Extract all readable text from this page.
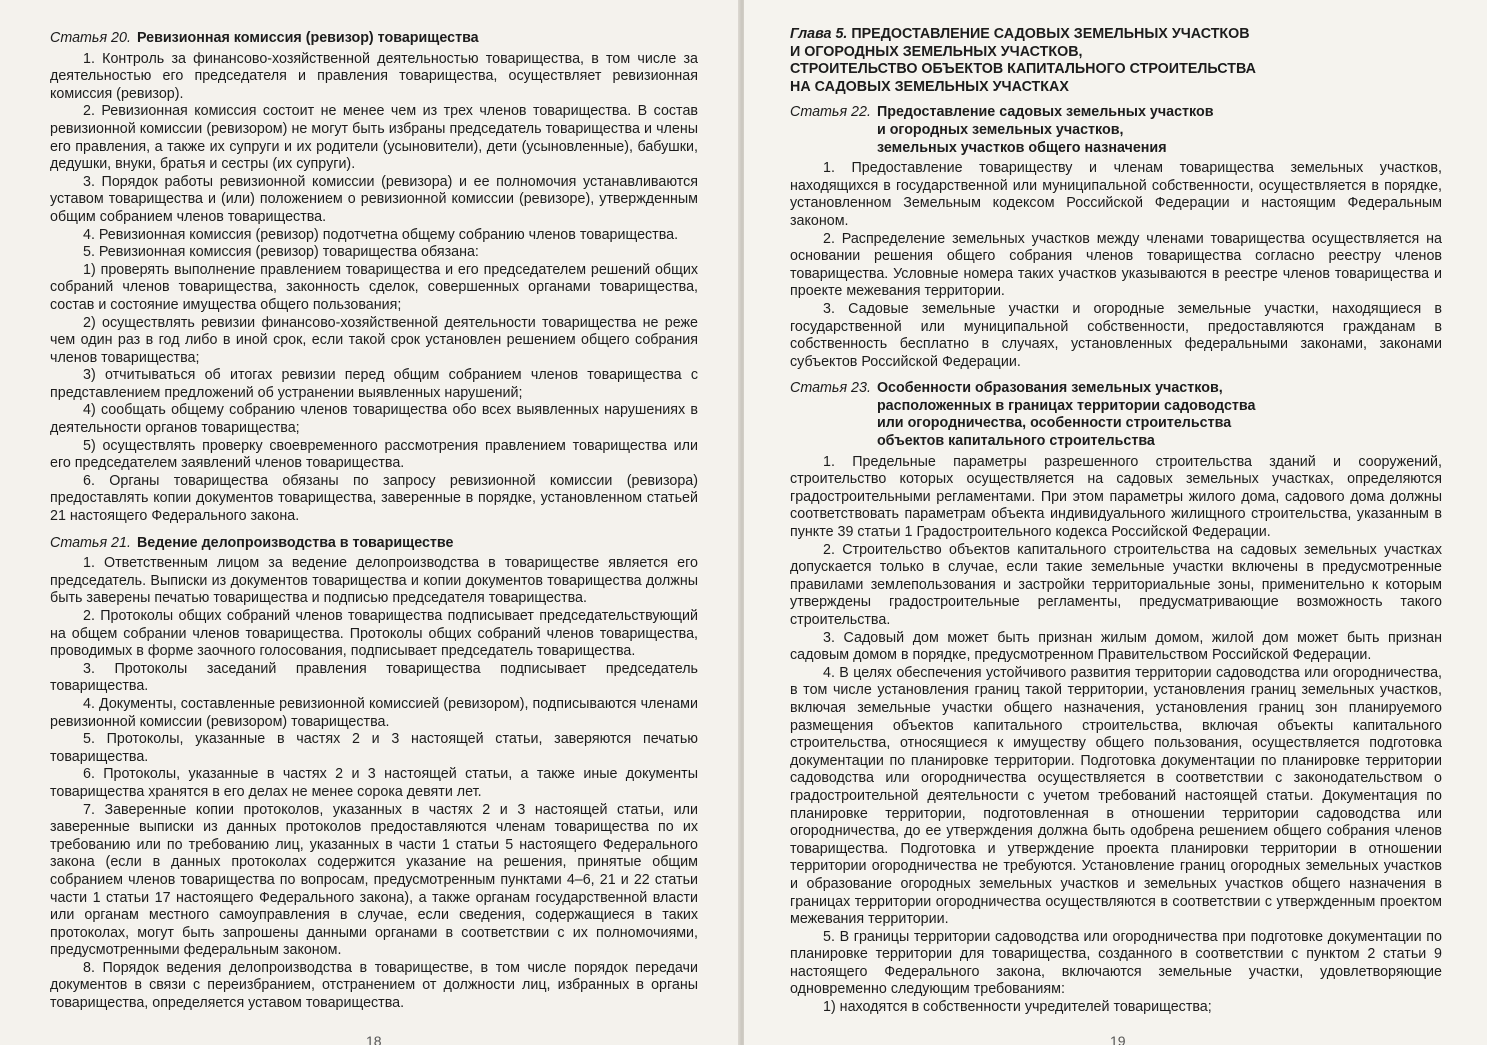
Статья 20. Ревизионная комиссия (ревизор) товарищества

1. Контроль за финансово-хозяйственной деятельностью товарищества, в том числе за деятельностью его председателя и правления товарищества, осуществляет ревизионная комиссия (ревизор).

2. Ревизионная комиссия состоит не менее чем из трех членов товарищества. В состав ревизионной комиссии (ревизором) не могут быть избраны председатель товарищества и члены его правления, а также их супруги и их родители (усыновители), дети (усыновленные), бабушки, дедушки, внуки, братья и сестры (их супруги).

3. Порядок работы ревизионной комиссии (ревизора) и ее полномочия устанавливаются уставом товарищества и (или) положением о ревизионной комиссии (ревизоре), утвержденным общим собранием членов товарищества.

4. Ревизионная комиссия (ревизор) подотчетна общему собранию членов товарищества.

5. Ревизионная комиссия (ревизор) товарищества обязана:

1) проверять выполнение правлением товарищества и его председателем решений общих собраний членов товарищества, законность сделок, совершенных органами товарищества, состав и состояние имущества общего пользования;

2) осуществлять ревизии финансово-хозяйственной деятельности товарищества не реже чем один раз в год либо в иной срок, если такой срок установлен решением общего собрания членов товарищества;

3) отчитываться об итогах ревизии перед общим собранием членов товарищества с представлением предложений об устранении выявленных нарушений;

4) сообщать общему собранию членов товарищества обо всех выявленных нарушениях в деятельности органов товарищества;

5) осуществлять проверку своевременного рассмотрения правлением товарищества или его председателем заявлений членов товарищества.

6. Органы товарищества обязаны по запросу ревизионной комиссии (ревизора) предоставлять копии документов товарищества, заверенные в порядке, установленном статьей 21 настоящего Федерального закона.

Статья 21. Ведение делопроизводства в товариществе

1. Ответственным лицом за ведение делопроизводства в товариществе является его председатель. Выписки из документов товарищества и копии документов товарищества должны быть заверены печатью товарищества и подписью председателя товарищества.

2. Протоколы общих собраний членов товарищества подписывает председательствующий на общем собрании членов товарищества. Протоколы общих собраний членов товарищества, проводимых в форме заочного голосования, подписывает председатель товарищества.

3. Протоколы заседаний правления товарищества подписывает председатель товарищества.

4. Документы, составленные ревизионной комиссией (ревизором), подписываются членами ревизионной комиссии (ревизором) товарищества.

5. Протоколы, указанные в частях 2 и 3 настоящей статьи, заверяются печатью товарищества.

6. Протоколы, указанные в частях 2 и 3 настоящей статьи, а также иные документы товарищества хранятся в его делах не менее сорока девяти лет.

7. Заверенные копии протоколов, указанных в частях 2 и 3 настоящей статьи, или заверенные выписки из данных протоколов предоставляются членам товарищества по их требованию или по требованию лиц, указанных в части 1 статьи 5 настоящего Федерального закона (если в данных протоколах содержится указание на решения, принятые общим собранием членов товарищества по вопросам, предусмотренным пунктами 4–6, 21 и 22 статьи части 1 статьи 17 настоящего Федерального закона), а также органам государственной власти или органам местного самоуправления в случае, если сведения, содержащиеся в таких протоколах, могут быть запрошены данными органами в соответствии с их полномочиями, предусмотренными федеральным законом.

8. Порядок ведения делопроизводства в товариществе, в том числе порядок передачи документов в связи с переизбранием, отстранением от должности лиц, избранных в органы товарищества, определяется уставом товарищества.

18
Глава 5. ПРЕДОСТАВЛЕНИЕ САДОВЫХ ЗЕМЕЛЬНЫХ УЧАСТКОВ
И ОГОРОДНЫХ ЗЕМЕЛЬНЫХ УЧАСТКОВ,
СТРОИТЕЛЬСТВО ОБЪЕКТОВ КАПИТАЛЬНОГО СТРОИТЕЛЬСТВА
НА САДОВЫХ ЗЕМЕЛЬНЫХ УЧАСТКАХ
Статья 22. Предоставление садовых земельных участков
и огородных земельных участков,
земельных участков общего назначения

1. Предоставление товариществу и членам товарищества земельных участков, находящихся в государственной или муниципальной собственности, осуществляется в порядке, установленном Земельным кодексом Российской Федерации и настоящим Федеральным законом.

2. Распределение земельных участков между членами товарищества осуществляется на основании решения общего собрания членов товарищества согласно реестру членов товарищества. Условные номера таких участков указываются в реестре членов товарищества и проекте межевания территории.

3. Садовые земельные участки и огородные земельные участки, находящиеся в государственной или муниципальной собственности, предоставляются гражданам в собственность бесплатно в случаях, установленных федеральными законами, законами субъектов Российской Федерации.

Статья 23. Особенности образования земельных участков,
расположенных в границах территории садоводства
или огородничества, особенности строительства
объектов капитального строительства

1. Предельные параметры разрешенного строительства зданий и сооружений, строительство которых осуществляется на садовых земельных участках, определяются градостроительными регламентами. При этом параметры жилого дома, садового дома должны соответствовать параметрам объекта индивидуального жилищного строительства, указанным в пункте 39 статьи 1 Градостроительного кодекса Российской Федерации.

2. Строительство объектов капитального строительства на садовых земельных участках допускается только в случае, если такие земельные участки включены в предусмотренные правилами землепользования и застройки территориальные зоны, применительно к которым утверждены градостроительные регламенты, предусматривающие возможность такого строительства.

3. Садовый дом может быть признан жилым домом, жилой дом может быть признан садовым домом в порядке, предусмотренном Правительством Российской Федерации.

4. В целях обеспечения устойчивого развития территории садоводства или огородничества, в том числе установления границ такой территории, установления границ земельных участков, включая земельные участки общего назначения, установления границ зон планируемого размещения объектов капитального строительства, включая объекты капитального строительства, относящиеся к имуществу общего пользования, осуществляется подготовка документации по планировке территории. Подготовка документации по планировке территории садоводства или огородничества осуществляется в соответствии с законодательством о градостроительной деятельности с учетом требований настоящей статьи. Документация по планировке территории, подготовленная в отношении территории садоводства или огородничества, до ее утверждения должна быть одобрена решением общего собрания членов товарищества. Подготовка и утверждение проекта планировки территории в отношении территории огородничества не требуются. Установление границ огородных земельных участков и образование огородных земельных участков и земельных участков общего назначения в границах территории огородничества осуществляются в соответствии с утвержденным проектом межевания территории.

5. В границы территории садоводства или огородничества при подготовке документации по планировке территории для товарищества, созданного в соответствии с пунктом 2 статьи 9 настоящего Федерального закона, включаются земельные участки, удовлетворяющие одновременно следующим требованиям:

1) находятся в собственности учредителей товарищества;

19
